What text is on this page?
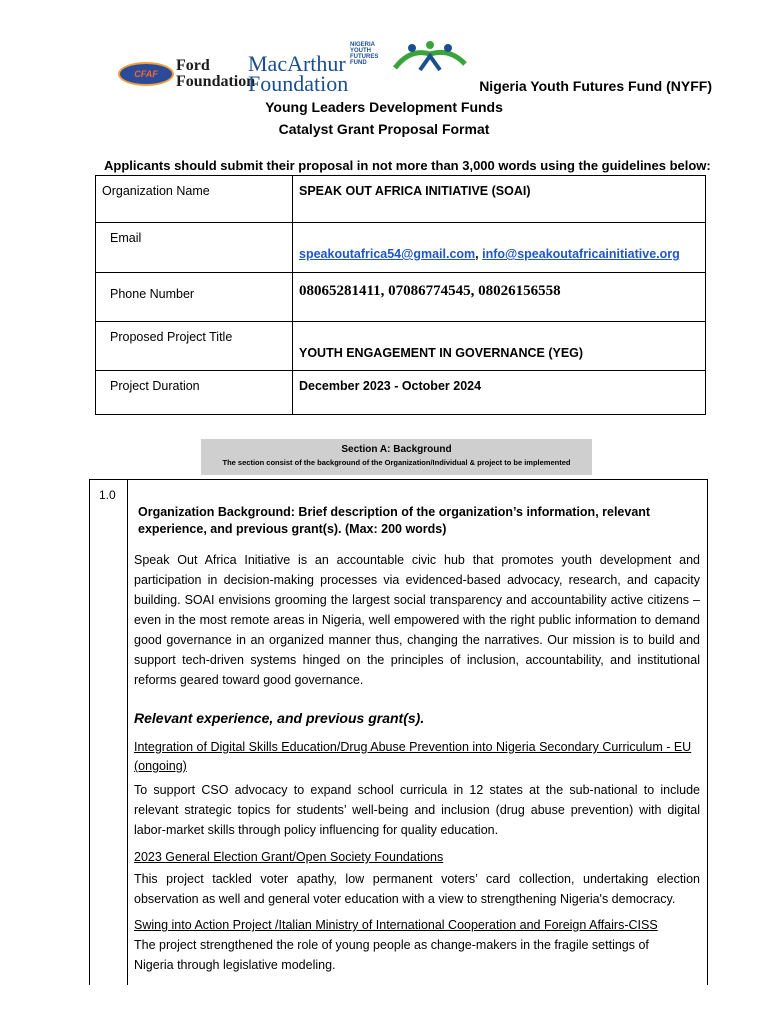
CFAF	Ford
Foundation
MacArthur
Foundation
NIGERIA YOUTH FUTURES FUND
Nigeria Youth Futures Fund (NYFF)
Young Leaders Development Funds
Catalyst Grant Proposal Format
Applicants should submit their proposal in not more than 3,000 words using the guidelines below:
Organization Name	SPEAK OUT AFRICA INITIATIVE (SOAI)

Email	speakoutafrica54@gmail.com, info@speakoutafricainitiative.org

Phone Number	08065281411, 07086774545, 08026156558

Proposed Project Title	YOUTH ENGAGEMENT IN GOVERNANCE (YEG)

Project Duration	December 2023 - October 2024
Section A: Background
The section consist of the background of the Organization/Individual & project to be implemented
1.0
Organization Background: Brief description of the organization’s information, relevant experience, and previous grant(s). (Max: 200 words)
Speak Out Africa Initiative is an accountable civic hub that promotes youth development and participation in decision-making processes via evidenced-based advocacy, research, and capacity building. SOAI envisions grooming the largest social transparency and accountability active citizens – even in the most remote areas in Nigeria, well empowered with the right public information to demand good governance in an organized manner thus, changing the narratives. Our mission is to build and support tech-driven systems hinged on the principles of inclusion, accountability, and institutional reforms geared toward good governance.
Relevant experience, and previous grant(s).
Integration of Digital Skills Education/Drug Abuse Prevention into Nigeria Secondary Curriculum - EU (ongoing)
To support CSO advocacy to expand school curricula in 12 states at the sub-national to include relevant strategic topics for students’ well-being and inclusion (drug abuse prevention) with digital labor-market skills through policy influencing for quality education.
2023 General Election Grant/Open Society Foundations
This project tackled voter apathy, low permanent voters’ card collection, undertaking election observation as well and general voter education with a view to strengthening Nigeria's democracy.
Swing into Action Project /Italian Ministry of International Cooperation and Foreign Affairs-CISS
The project strengthened the role of young people as change-makers in the fragile settings of Nigeria through legislative modeling.
